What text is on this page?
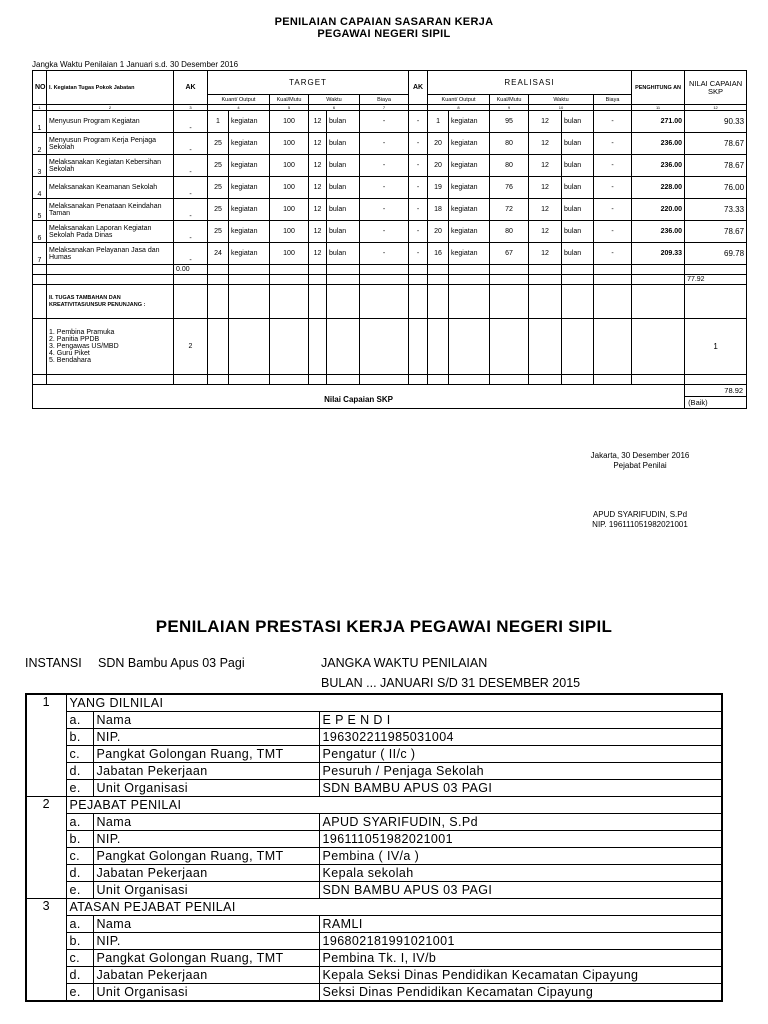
PENILAIAN CAPAIAN SASARAN KERJA
PEGAWAI NEGERI SIPIL
Jangka Waktu Penilaian 1 Januari s.d. 30 Desember 2016
NO	I. Kegiatan Tugas Pokok Jabatan	AK	TARGET						AK	REALISASI						PENGHITUNG AN	NILAI CAPAIAN SKP
			Kuant/ Output		Kual/Mutu	Waktu		Biaya		Kuant/ Output		Kual/Mutu	Waktu		Biaya		
1	2	3	4		5	6		7		8		9	10			11	12
1	Menyusun Program Kegiatan	-	1	kegiatan	100	12	bulan	-	-	1	kegiatan	95	12	bulan	-	271.00	90.33
2	Menyusun Program Kerja Penjaga Sekolah	-	25	kegiatan	100	12	bulan	-	-	20	kegiatan	80	12	bulan	-	236.00	78.67
3	Melaksanakan Kegiatan Kebersihan Sekolah	-	25	kegiatan	100	12	bulan	-	-	20	kegiatan	80	12	bulan	-	236.00	78.67
4	Melaksanakan Keamanan Sekolah	-	25	kegiatan	100	12	bulan	-	-	19	kegiatan	76	12	bulan	-	228.00	76.00
5	Melaksanakan Penataan Keindahan Taman	-	25	kegiatan	100	12	bulan	-	-	18	kegiatan	72	12	bulan	-	220.00	73.33
6	Melaksanakan Laporan Kegiatan Sekolah Pada Dinas	-	25	kegiatan	100	12	bulan	-	-	20	kegiatan	80	12	bulan	-	236.00	78.67
7	Melaksanakan Pelayanan Jasa dan Humas	-	24	kegiatan	100	12	bulan	-	-	16	kegiatan	67	12	bulan	-	209.33	69.78
		0.00															
																	77.92
	II. TUGAS TAMBAHAN DAN KREATIVITAS/UNSUR PENUNJANG :																

	1. Pembina Pramuka
2. Panitia PPDB
3. Pengawas US/MBD
4. Guru Piket
5. Bendahara	2															1

Nilai Capaian SKP																	78.92
(Baik)
Jakarta, 30 Desember 2016
Pejabat Penilai
APUD SYARIFUDIN, S.Pd
NIP. 196111051982021001
PENILAIAN PRESTASI KERJA PEGAWAI NEGERI SIPIL
INSTANSI SDN Bambu Apus 03 Pagi	JANGKA WAKTU PENILAIAN
BULAN ... JANUARI S/D 31 DESEMBER 2015
1	YANG DILNILAI		
	a.	Nama	E P E N D I
	b.	NIP.	196302211985031004
	c.	Pangkat Golongan Ruang, TMT	Pengatur ( II/c )
	d.	Jabatan Pekerjaan	Pesuruh / Penjaga Sekolah
	e.	Unit Organisasi	SDN BAMBU APUS 03 PAGI
2	PEJABAT PENILAI		
	a.	Nama	APUD SYARIFUDIN, S.Pd
	b.	NIP.	196111051982021001
	c.	Pangkat Golongan Ruang, TMT	Pembina ( IV/a )
	d.	Jabatan Pekerjaan	Kepala sekolah
	e.	Unit Organisasi	SDN BAMBU APUS 03 PAGI
3	ATASAN PEJABAT PENILAI		
	a.	Nama	RAMLI
	b.	NIP.	196802181991021001
	c.	Pangkat Golongan Ruang, TMT	Pembina Tk. I, IV/b
	d.	Jabatan Pekerjaan	Kepala Seksi Dinas Pendidikan Kecamatan Cipayung
	e.	Unit Organisasi	Seksi Dinas Pendidikan Kecamatan Cipayung
